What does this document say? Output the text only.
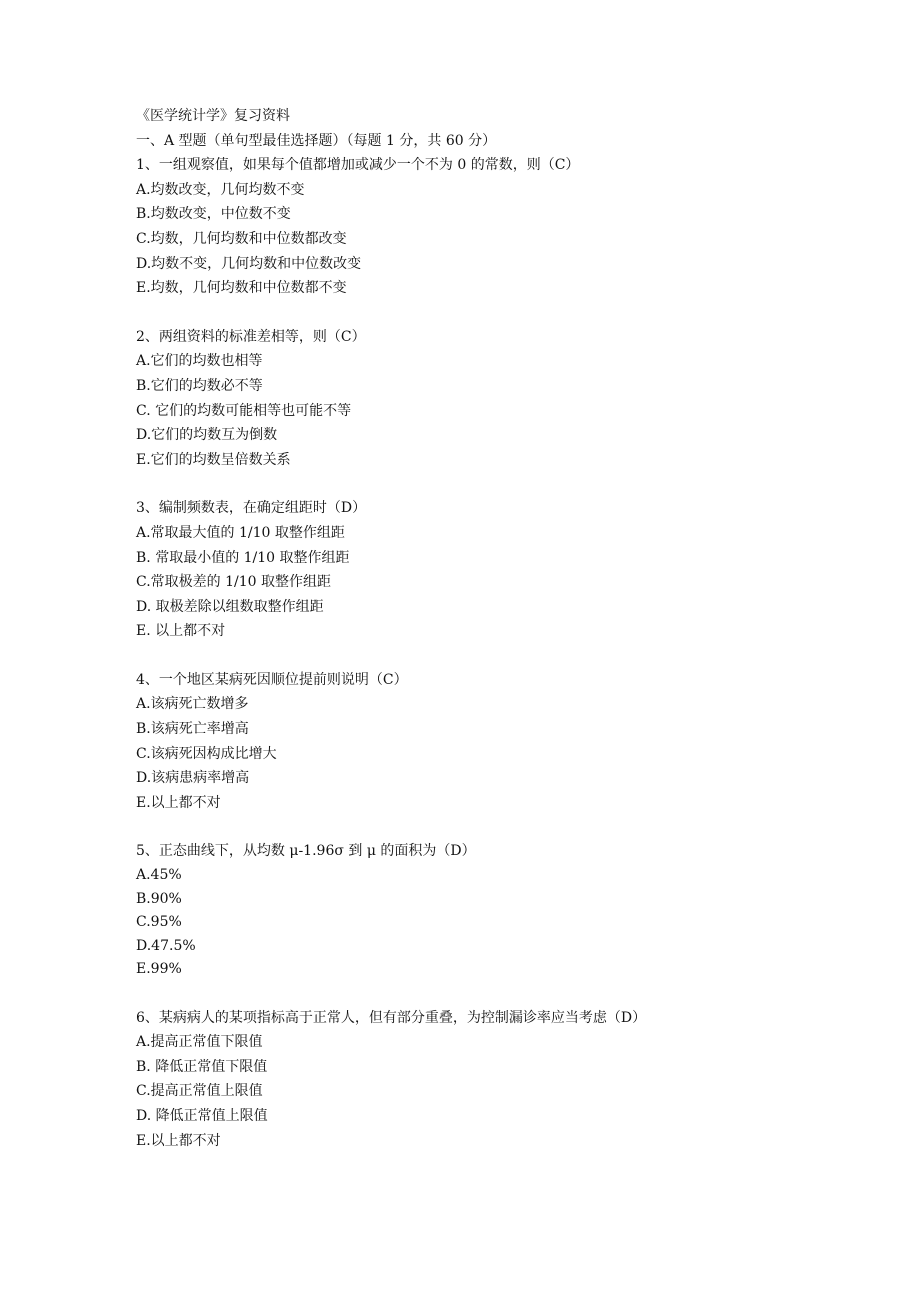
《医学统计学》复习资料
一、A 型题（单句型最佳选择题）（每题 1 分，共 60 分）
1、一组观察值，如果每个值都增加或减少一个不为 0 的常数，则（C）
A.均数改变，几何均数不变
B.均数改变，中位数不变
C.均数，几何均数和中位数都改变
D.均数不变，几何均数和中位数改变
E.均数，几何均数和中位数都不变
2、两组资料的标准差相等，则（C）
A.它们的均数也相等
B.它们的均数必不等
C. 它们的均数可能相等也可能不等
D.它们的均数互为倒数
E.它们的均数呈倍数关系
3、编制频数表，在确定组距时（D）
A.常取最大值的 1/10 取整作组距
B. 常取最小值的 1/10 取整作组距
C.常取极差的 1/10 取整作组距
D. 取极差除以组数取整作组距
E. 以上都不对
4、一个地区某病死因顺位提前则说明（C）
A.该病死亡数增多
B.该病死亡率增高
C.该病死因构成比增大
D.该病患病率增高
E.以上都不对
5、正态曲线下，从均数 μ-1.96σ 到 μ 的面积为（D）
A.45%
B.90%
C.95%
D.47.5%
E.99%
6、某病病人的某项指标高于正常人，但有部分重叠，为控制漏诊率应当考虑（D）
A.提高正常值下限值
B. 降低正常值下限值
C.提高正常值上限值
D. 降低正常值上限值
E.以上都不对
